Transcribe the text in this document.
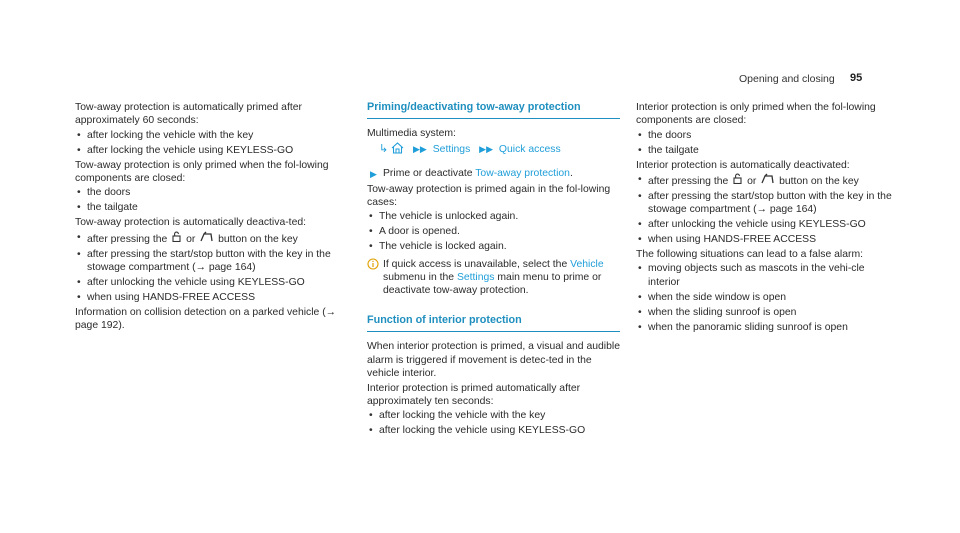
Opening and closing 95

Tow-away protection is automatically primed after approximately 60 seconds:

• after locking the vehicle with the key
• after locking the vehicle using KEYLESS-GO

Tow-away protection is only primed when the fol-lowing components are closed:

• the doors
• the tailgate

Tow-away protection is automatically deactiva-ted:

• after pressing the or button on the key
• after pressing the start/stop button with the key in the stowage compartment (→ page 164)
• after unlocking the vehicle using KEYLESS-GO
• when using HANDS-FREE ACCESS

Information on collision detection on a parked vehicle (→ page 192).

Priming/deactivating tow-away protection

Multimedia system:

↳	▶▶ Settings ▶▶ Quick access
▶ Prime or deactivate Tow-away protection.

Tow-away protection is primed again in the fol-lowing cases:

• The vehicle is unlocked again.
• A door is opened.
• The vehicle is locked again.
If quick access is unavailable, select the Vehicle submenu in the Settings main menu to prime or deactivate tow-away protection.
Function of interior protection

When interior protection is primed, a visual and audible alarm is triggered if movement is detec-ted in the vehicle interior.

Interior protection is primed automatically after approximately ten seconds:

• after locking the vehicle with the key
• after locking the vehicle using KEYLESS-GO

Interior protection is only primed when the fol-lowing components are closed:

• the doors
• the tailgate

Interior protection is automatically deactivated:

• after pressing the or button on the key
• after pressing the start/stop button with the key in the stowage compartment (→ page 164)
• after unlocking the vehicle using KEYLESS-GO
• when using HANDS-FREE ACCESS

The following situations can lead to a false alarm:

• moving objects such as mascots in the vehi-cle interior
• when the side window is open
• when the sliding sunroof is open
• when the panoramic sliding sunroof is open
